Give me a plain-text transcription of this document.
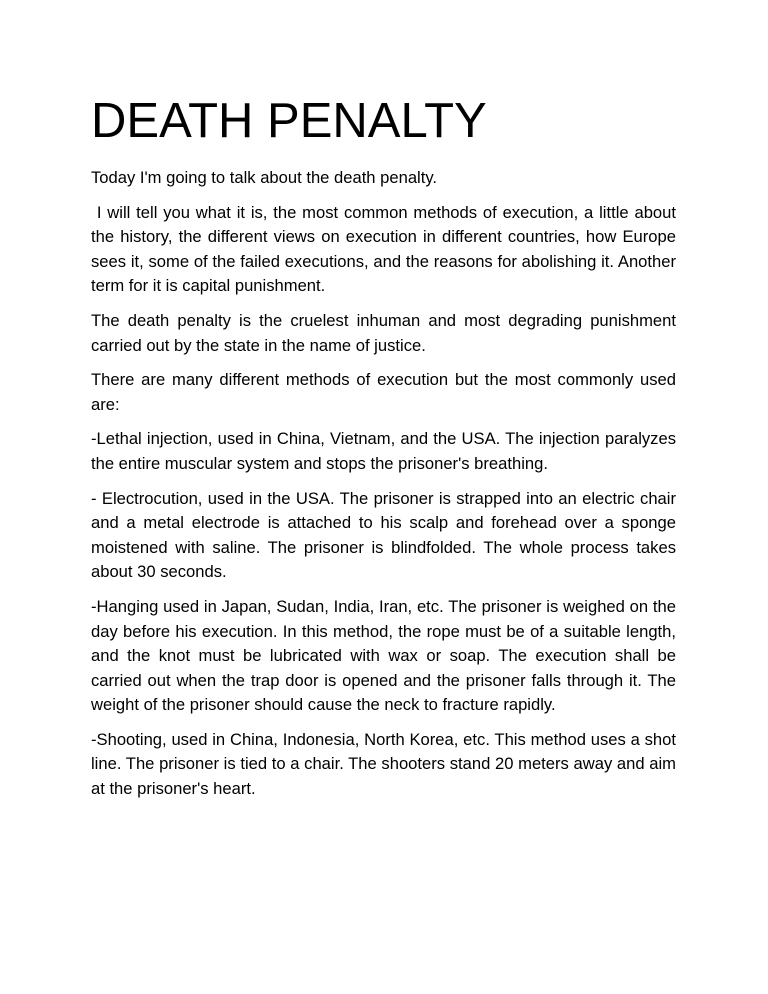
DEATH PENALTY

Today I'm going to talk about the death penalty.

I will tell you what it is, the most common methods of execution, a little about the history, the different views on execution in different countries, how Europe sees it, some of the failed executions, and the reasons for abolishing it. Another term for it is capital punishment.

The death penalty is the cruelest inhuman and most degrading punishment carried out by the state in the name of justice.

There are many different methods of execution but the most commonly used are:

-Lethal injection, used in China, Vietnam, and the USA. The injection paralyzes the entire muscular system and stops the prisoner's breathing.

- Electrocution, used in the USA. The prisoner is strapped into an electric chair and a metal electrode is attached to his scalp and forehead over a sponge moistened with saline. The prisoner is blindfolded. The whole process takes about 30 seconds.

-Hanging used in Japan, Sudan, India, Iran, etc. The prisoner is weighed on the day before his execution. In this method, the rope must be of a suitable length, and the knot must be lubricated with wax or soap. The execution shall be carried out when the trap door is opened and the prisoner falls through it. The weight of the prisoner should cause the neck to fracture rapidly.

-Shooting, used in China, Indonesia, North Korea, etc. This method uses a shot line. The prisoner is tied to a chair. The shooters stand 20 meters away and aim at the prisoner's heart.
